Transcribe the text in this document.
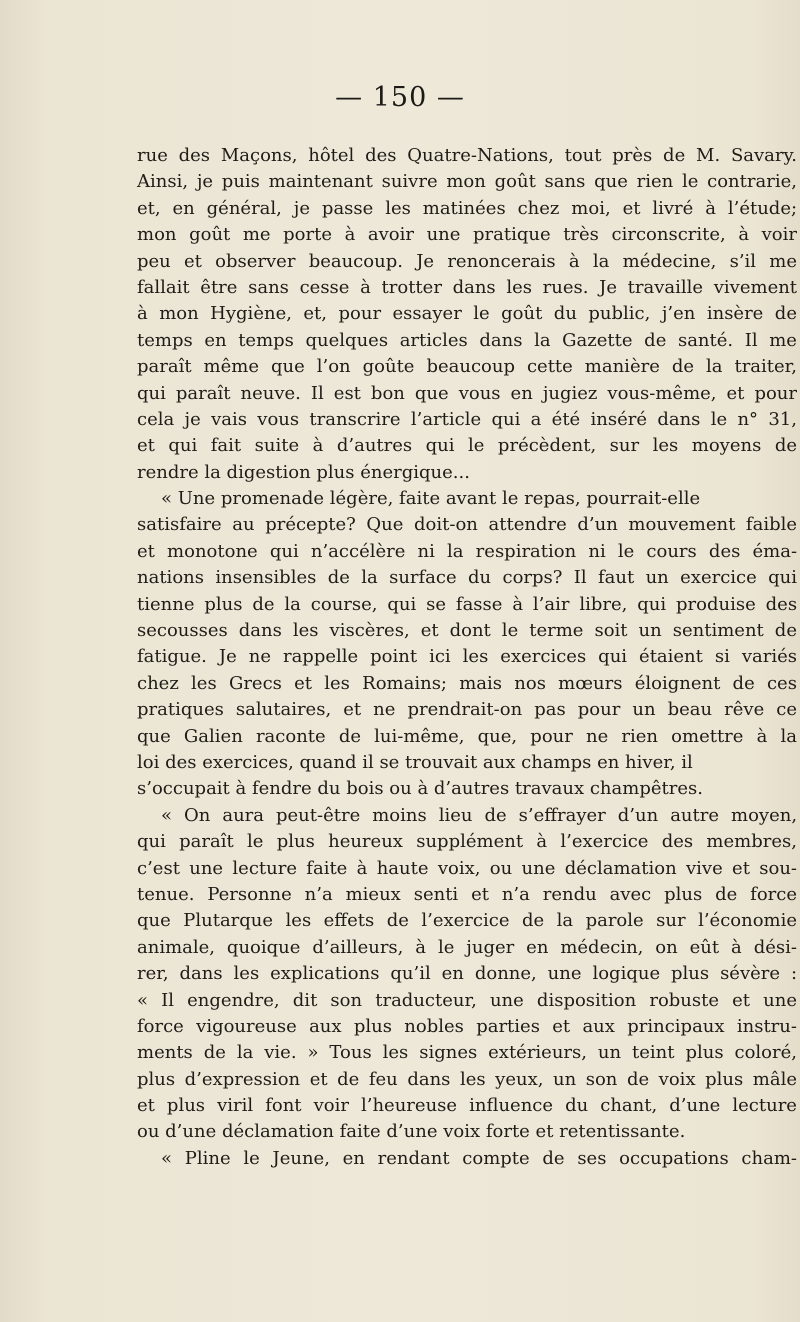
— 150 —
rue des Maçons, hôtel des Quatre-Nations, tout près de M. Savary.
Ainsi, je puis maintenant suivre mon goût sans que rien le contrarie,
et, en général, je passe les matinées chez moi, et livré à l’étude;
mon goût me porte à avoir une pratique très circonscrite, à voir
peu et observer beaucoup. Je renoncerais à la médecine, s’il me
fallait être sans cesse à trotter dans les rues. Je travaille vivement
à mon Hygiène, et, pour essayer le goût du public, j’en insère de
temps en temps quelques articles dans la Gazette de santé. Il me
paraît même que l’on goûte beaucoup cette manière de la traiter,
qui paraît neuve. Il est bon que vous en jugiez vous-même, et pour
cela je vais vous transcrire l’article qui a été inséré dans le n° 31,
et qui fait suite à d’autres qui le précèdent, sur les moyens de
rendre la digestion plus énergique...
« Une promenade légère, faite avant le repas, pourrait-elle
satisfaire au précepte? Que doit-on attendre d’un mouvement faible
et monotone qui n’accélère ni la respiration ni le cours des éma-
nations insensibles de la surface du corps? Il faut un exercice qui
tienne plus de la course, qui se fasse à l’air libre, qui produise des
secousses dans les viscères, et dont le terme soit un sentiment de
fatigue. Je ne rappelle point ici les exercices qui étaient si variés
chez les Grecs et les Romains; mais nos mœurs éloignent de ces
pratiques salutaires, et ne prendrait-on pas pour un beau rêve ce
que Galien raconte de lui-même, que, pour ne rien omettre à la
loi des exercices, quand il se trouvait aux champs en hiver, il
s’occupait à fendre du bois ou à d’autres travaux champêtres.
« On aura peut-être moins lieu de s’effrayer d’un autre moyen,
qui paraît le plus heureux supplément à l’exercice des membres,
c’est une lecture faite à haute voix, ou une déclamation vive et sou-
tenue. Personne n’a mieux senti et n’a rendu avec plus de force
que Plutarque les effets de l’exercice de la parole sur l’économie
animale, quoique d’ailleurs, à le juger en médecin, on eût à dési-
rer, dans les explications qu’il en donne, une logique plus sévère :
« Il engendre, dit son traducteur, une disposition robuste et une
force vigoureuse aux plus nobles parties et aux principaux instru-
ments de la vie. » Tous les signes extérieurs, un teint plus coloré,
plus d’expression et de feu dans les yeux, un son de voix plus mâle
et plus viril font voir l’heureuse influence du chant, d’une lecture
ou d’une déclamation faite d’une voix forte et retentissante.
« Pline le Jeune, en rendant compte de ses occupations cham-
